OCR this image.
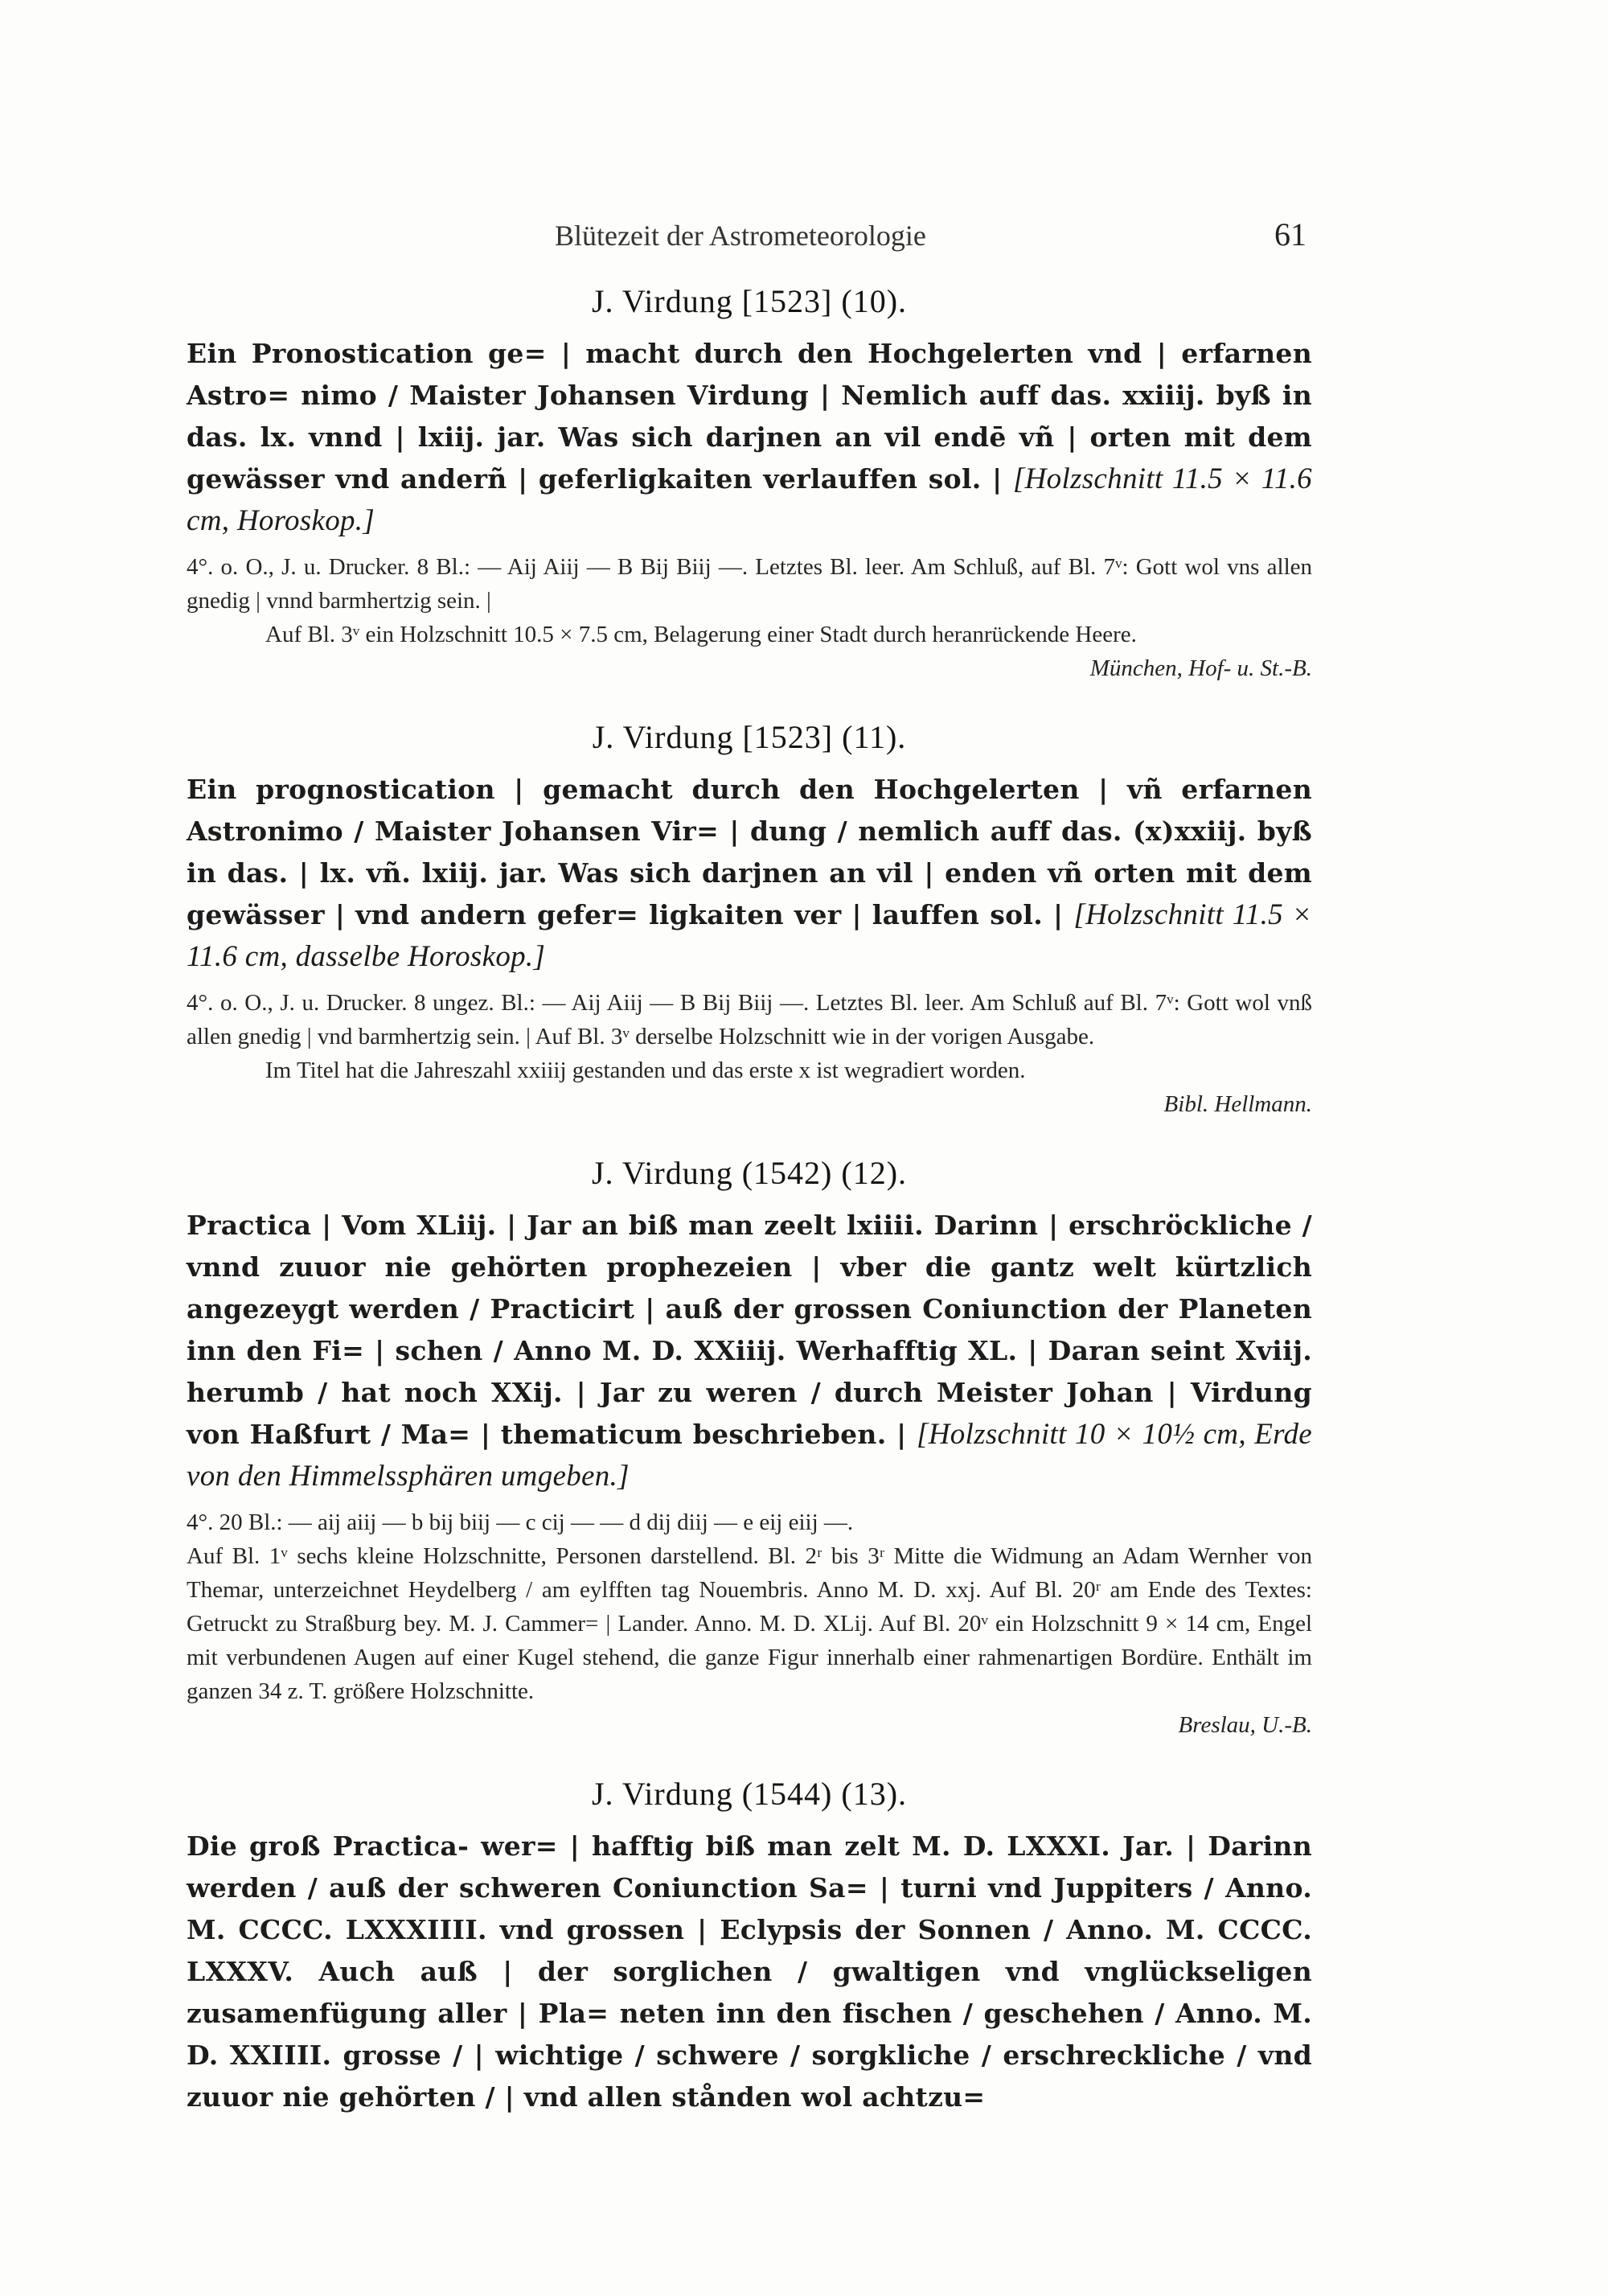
Blütezeit der Astrometeorologie	61
J. Virdung [1523] (10).

Ein Pronostication ge= | macht durch den Hochgelerten vnd | erfarnen Astro= nimo / Maister Johansen Virdung | Nemlich auff das. xxiiij. byß in das. lx. vnnd | lxiij. jar. Was sich darjnen an vil endē vñ | orten mit dem gewässer vnd anderñ | geferligkaiten verlauffen sol. | [Holzschnitt 11.5 × 11.6 cm, Horoskop.]

4°. o. O., J. u. Drucker. 8 Bl.: — Aij Aiij — B Bij Biij —. Letztes Bl. leer. Am Schluß, auf Bl. 7ᵛ: Gott wol vns allen gnedig | vnnd barmhertzig sein. |

Auf Bl. 3ᵛ ein Holzschnitt 10.5 × 7.5 cm, Belagerung einer Stadt durch heranrückende Heere.

München, Hof- u. St.-B.

J. Virdung [1523] (11).

Ein prognostication | gemacht durch den Hochgelerten | vñ erfarnen Astronimo / Maister Johansen Vir= | dung / nemlich auff das. (x)xxiij. byß in das. | lx. vñ. lxiij. jar. Was sich darjnen an vil | enden vñ orten mit dem gewässer | vnd andern gefer= ligkaiten ver | lauffen sol. | [Holzschnitt 11.5 × 11.6 cm, dasselbe Horoskop.]

4°. o. O., J. u. Drucker. 8 ungez. Bl.: — Aij Aiij — B Bij Biij —. Letztes Bl. leer. Am Schluß auf Bl. 7ᵛ: Gott wol vnß allen gnedig | vnd barmhertzig sein. | Auf Bl. 3ᵛ derselbe Holzschnitt wie in der vorigen Ausgabe.

Im Titel hat die Jahreszahl xxiiij gestanden und das erste x ist wegradiert worden.

Bibl. Hellmann.

J. Virdung (1542) (12).

Practica | Vom XLiij. | Jar an biß man zeelt lxiiii. Darinn | erschröckliche / vnnd zuuor nie gehörten prophezeien | vber die gantz welt kürtzlich angezeygt werden / Practicirt | auß der grossen Coniunction der Planeten inn den Fi= | schen / Anno M. D. XXiiij. Werhafftig XL. | Daran seint Xviij. herumb / hat noch XXij. | Jar zu weren / durch Meister Johan | Virdung von Haßfurt / Ma= | thematicum beschrieben. | [Holzschnitt 10 × 10½ cm, Erde von den Himmelssphären umgeben.]

4°. 20 Bl.: — aij aiij — b bij biij — c cij — — d dij diij — e eij eiij —.

Auf Bl. 1ᵛ sechs kleine Holzschnitte, Personen darstellend. Bl. 2ʳ bis 3ʳ Mitte die Widmung an Adam Wernher von Themar, unterzeichnet Heydelberg / am eylfften tag Nouembris. Anno M. D. xxj. Auf Bl. 20ʳ am Ende des Textes: Getruckt zu Straßburg bey. M. J. Cammer= | Lander. Anno. M. D. XLij. Auf Bl. 20ᵛ ein Holzschnitt 9 × 14 cm, Engel mit verbundenen Augen auf einer Kugel stehend, die ganze Figur innerhalb einer rahmenartigen Bordüre. Enthält im ganzen 34 z. T. größere Holzschnitte.

Breslau, U.-B.

J. Virdung (1544) (13).

Die groß Practica- wer= | hafftig biß man zelt M. D. LXXXI. Jar. | Darinn werden / auß der schweren Coniunction Sa= | turni vnd Juppiters / Anno. M. CCCC. LXXXIIII. vnd grossen | Eclypsis der Sonnen / Anno. M. CCCC. LXXXV. Auch auß | der sorglichen / gwaltigen vnd vnglückseligen zusamenfügung aller | Pla= neten inn den fischen / geschehen / Anno. M. D. XXIIII. grosse / | wichtige / schwere / sorgkliche / erschreckliche / vnd zuuor nie gehörten / | vnd allen stånden wol achtzu=
